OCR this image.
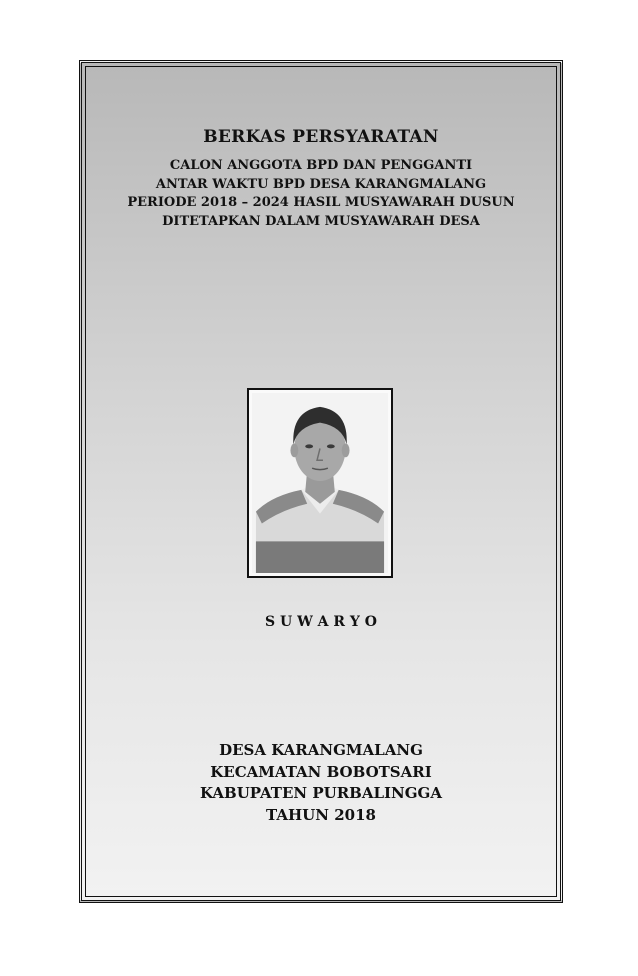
BERKAS PERSYARATAN
CALON ANGGOTA BPD DAN PENGGANTI
ANTAR WAKTU BPD DESA KARANGMALANG
PERIODE 2018 – 2024 HASIL MUSYAWARAH DUSUN
DITETAPKAN DALAM MUSYAWARAH DESA
S U W A R Y O
DESA KARANGMALANG
KECAMATAN BOBOTSARI
KABUPATEN PURBALINGGA
TAHUN 2018
